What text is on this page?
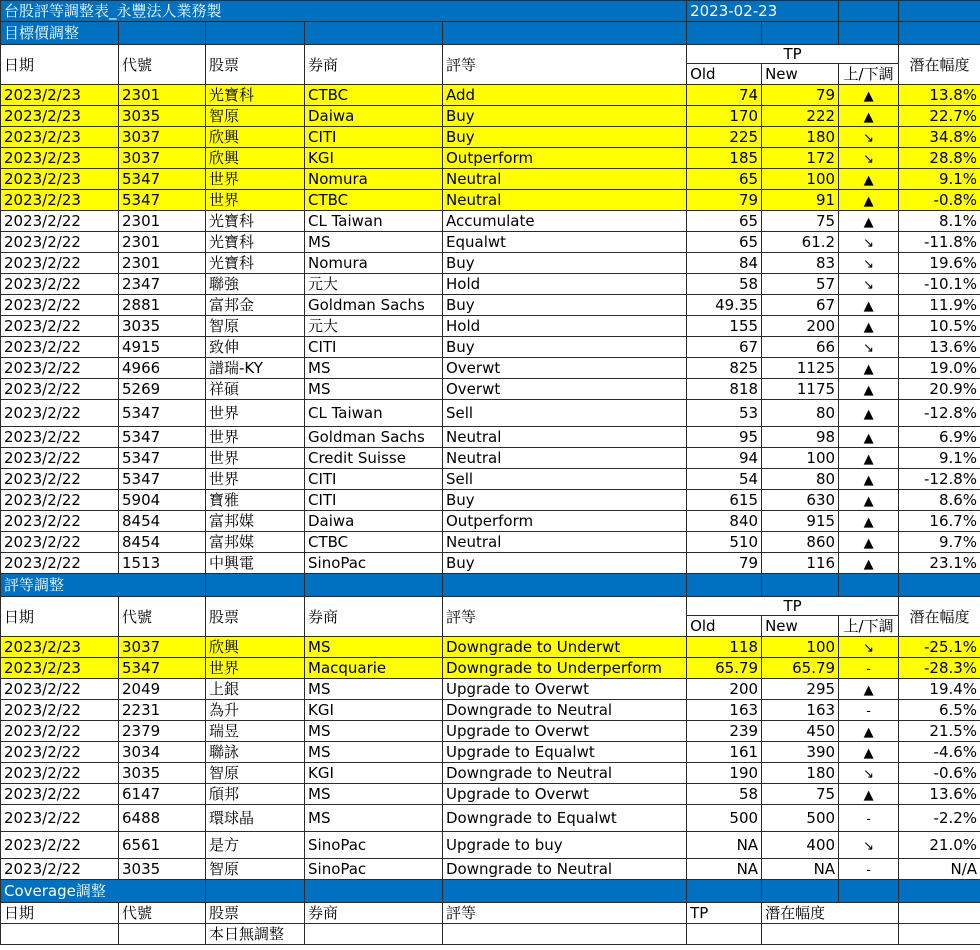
台股評等調整表_永豐法人業務製					2023-02-23			
目標價調整								
日期	代號	股票	券商	評等	TP			潛在幅度
					Old	New	上/下調	
2023/2/23	2301	光寶科	CTBC	Add	74	79	▲	13.8%
2023/2/23	3035	智原	Daiwa	Buy	170	222	▲	22.7%
2023/2/23	3037	欣興	CITI	Buy	225	180	↘	34.8%
2023/2/23	3037	欣興	KGI	Outperform	185	172	↘	28.8%
2023/2/23	5347	世界	Nomura	Neutral	65	100	▲	9.1%
2023/2/23	5347	世界	CTBC	Neutral	79	91	▲	-0.8%
2023/2/22	2301	光寶科	CL Taiwan	Accumulate	65	75	▲	8.1%
2023/2/22	2301	光寶科	MS	Equalwt	65	61.2	↘	-11.8%
2023/2/22	2301	光寶科	Nomura	Buy	84	83	↘	19.6%
2023/2/22	2347	聯強	元大	Hold	58	57	↘	-10.1%
2023/2/22	2881	富邦金	Goldman Sachs	Buy	49.35	67	▲	11.9%
2023/2/22	3035	智原	元大	Hold	155	200	▲	10.5%
2023/2/22	4915	致伸	CITI	Buy	67	66	↘	13.6%
2023/2/22	4966	譜瑞-KY	MS	Overwt	825	1125	▲	19.0%
2023/2/22	5269	祥碩	MS	Overwt	818	1175	▲	20.9%
2023/2/22	5347	世界	CL Taiwan	Sell	53	80	▲	-12.8%
2023/2/22	5347	世界	Goldman Sachs	Neutral	95	98	▲	6.9%
2023/2/22	5347	世界	Credit Suisse	Neutral	94	100	▲	9.1%
2023/2/22	5347	世界	CITI	Sell	54	80	▲	-12.8%
2023/2/22	5904	寶雅	CITI	Buy	615	630	▲	8.6%
2023/2/22	8454	富邦媒	Daiwa	Outperform	840	915	▲	16.7%
2023/2/22	8454	富邦媒	CTBC	Neutral	510	860	▲	9.7%
2023/2/22	1513	中興電	SinoPac	Buy	79	116	▲	23.1%
評等調整								
日期	代號	股票	券商	評等	TP			潛在幅度
					Old	New	上/下調	
2023/2/23	3037	欣興	MS	Downgrade to Underwt	118	100	↘	-25.1%
2023/2/23	5347	世界	Macquarie	Downgrade to Underperform	65.79	65.79	-	-28.3%
2023/2/22	2049	上銀	MS	Upgrade to Overwt	200	295	▲	19.4%
2023/2/22	2231	為升	KGI	Downgrade to Neutral	163	163	-	6.5%
2023/2/22	2379	瑞昱	MS	Upgrade to Overwt	239	450	▲	21.5%
2023/2/22	3034	聯詠	MS	Upgrade to Equalwt	161	390	▲	-4.6%
2023/2/22	3035	智原	KGI	Downgrade to Neutral	190	180	↘	-0.6%
2023/2/22	6147	頎邦	MS	Upgrade to Overwt	58	75	▲	13.6%
2023/2/22	6488	環球晶	MS	Downgrade to Equalwt	500	500	-	-2.2%
2023/2/22	6561	是方	SinoPac	Upgrade to buy	NA	400	↘	21.0%
2023/2/22	3035	智原	SinoPac	Downgrade to Neutral	NA	NA	-	N/A
Coverage調整								
日期	代號	股票	券商	評等	TP	潛在幅度		
		本日無調整						
